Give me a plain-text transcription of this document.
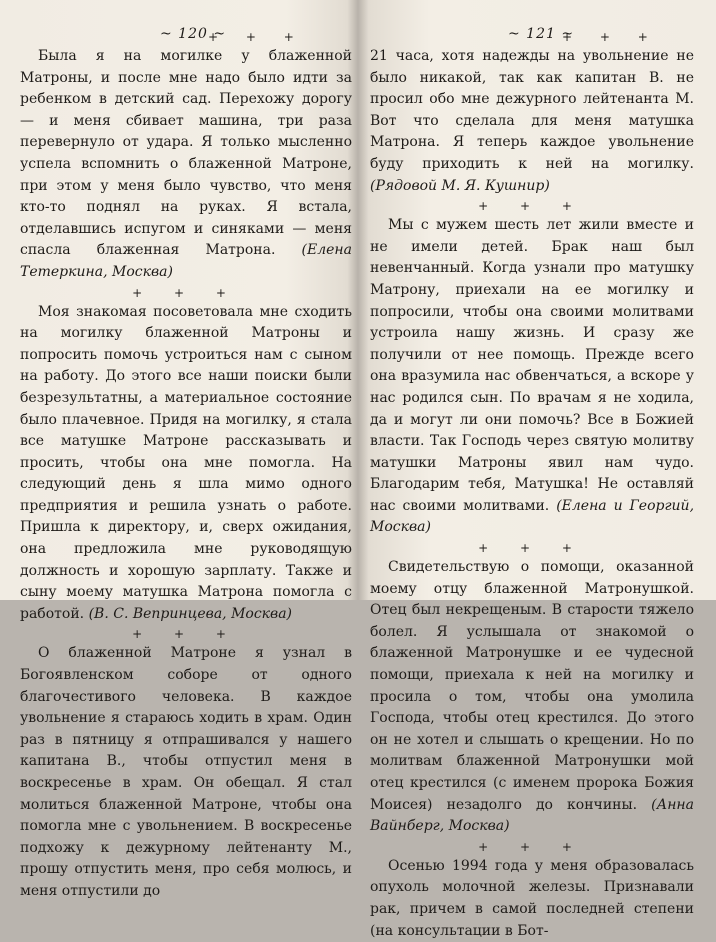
~ 120 ~
+ + +

Была я на могилке у блаженной Матроны, и после мне надо было идти за ребенком в детский сад. Перехожу дорогу — и меня сбивает машина, три раза перевернуло от удара. Я только мысленно успела вспомнить о блаженной Матроне, при этом у меня было чувство, что меня кто-то поднял на руках. Я встала, отделавшись испугом и синяками — меня спасла блаженная Матрона. (Елена Тетеркина, Москва)

+ + +

Моя знакомая посоветовала мне сходить на могилку блаженной Матроны и попросить помочь устроиться нам с сыном на работу. До этого все наши поиски были безрезультатны, а материальное состояние было плачевное. Придя на могилку, я стала все матушке Матроне рассказывать и просить, чтобы она мне помогла. На следующий день я шла мимо одного предприятия и решила узнать о работе. Пришла к директору, и, сверх ожидания, она предложила мне руководящую должность и хорошую зарплату. Также и сыну моему матушка Матрона помогла с работой. (В. С. Вепринцева, Москва)

+ + +

О блаженной Матроне я узнал в Богоявленском соборе от одного благочестивого человека. В каждое увольнение я стараюсь ходить в храм. Один раз в пятницу я отпрашивался у нашего капитана В., чтобы отпустил меня в воскресенье в храм. Он обещал. Я стал молиться блаженной Матроне, чтобы она помогла мне с увольнением. В воскресенье подхожу к дежурному лейтенанту М., прошу отпустить меня, про себя молюсь, и меня отпустили до

~ 121 ~
+ + +

21 часа, хотя надежды на увольнение не было никакой, так как капитан В. не просил обо мне дежурного лейтенанта М. Вот что сделала для меня матушка Матрона. Я теперь каждое увольнение буду приходить к ней на могилку. (Рядовой М. Я. Кушнир)

+ + +

Мы с мужем шесть лет жили вместе и не имели детей. Брак наш был невенчанный. Когда узнали про матушку Матрону, приехали на ее могилку и попросили, чтобы она своими молитвами устроила нашу жизнь. И сразу же получили от нее помощь. Прежде всего она вразумила нас обвенчаться, а вскоре у нас родился сын. По врачам я не ходила, да и могут ли они помочь? Все в Божией власти. Так Господь через святую молитву матушки Матроны явил нам чудо. Благодарим тебя, Матушка! Не оставляй нас своими молитвами. (Елена и Георгий, Москва)

+ + +

Свидетельствую о помощи, оказанной моему отцу блаженной Матронушкой. Отец был некрещеным. В старости тяжело болел. Я услышала от знакомой о блаженной Матронушке и ее чудесной помощи, приехала к ней на могилку и просила о том, чтобы она умолила Господа, чтобы отец крестился. До этого он не хотел и слышать о крещении. Но по молитвам блаженной Матронушки мой отец крестился (с именем пророка Божия Моисея) незадолго до кончины. (Анна Вайнберг, Москва)

+ + +

Осенью 1994 года у меня образовалась опухоль молочной железы. Признавали рак, причем в самой последней степени (на консультации в Бот-
